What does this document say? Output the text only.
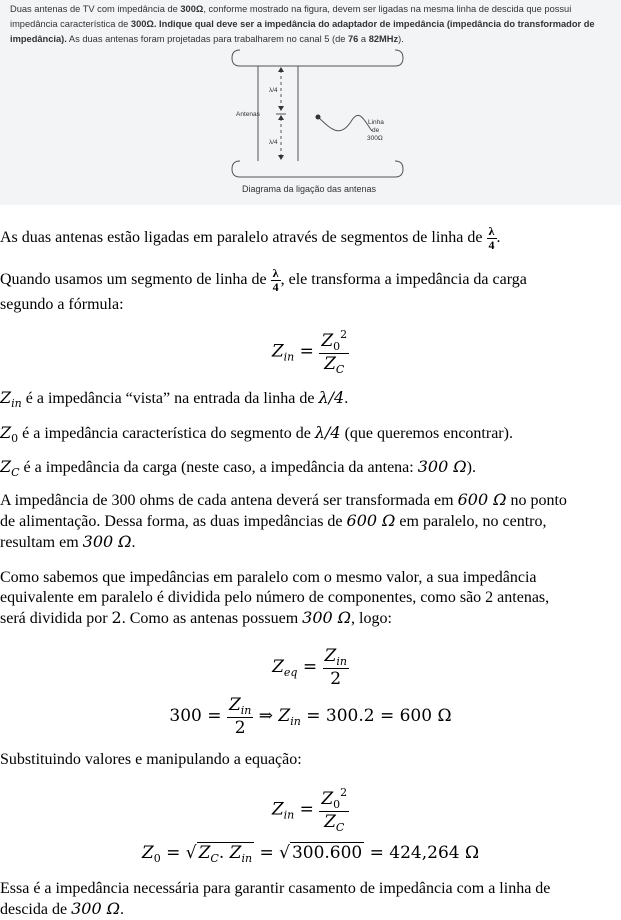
Duas antenas de TV com impedância de 300Ω, conforme mostrado na figura, devem ser ligadas na mesma linha de descida que possui impedância característica de 300Ω. Indique qual deve ser a impedância do adaptador de impedância (impedância do transformador de impedância). As duas antenas foram projetadas para trabalharem no canal 5 (de 76 a 82MHz).

λ/4
λ/4
Antenas
Linha
de
300Ω
Diagrama da ligação das antenas
As duas antenas estão ligadas em paralelo através de segmentos de linha de $\frac{\lambda}{4}$ .
Quando usamos um segmento de linha de $\frac{\lambda}{4}$ , ele transforma a impedância da carga
segundo a fórmula:
$Z_{in} = \frac{Z_0^2}{Z_C}$
$Z_{in}$ é a impedância “vista” na entrada da linha de λ/4.
$Z_0$ é a impedância característica do segmento de λ/4 (que queremos encontrar).
$Z_C$ é a impedância da carga (neste caso, a impedância da antena: 300 Ω).
A impedância de 300 ohms de cada antena deverá ser transformada em 600 Ω no ponto
de alimentação. Dessa forma, as duas impedâncias de 600 Ω em paralelo, no centro,
resultam em 300 Ω.
Como sabemos que impedâncias em paralelo com o mesmo valor, a sua impedância
equivalente em paralelo é dividida pelo número de componentes, como são 2 antenas,
será dividida por 2. Como as antenas possuem 300 Ω, logo:
$Z_{eq} = \frac{Z_{in}}{2}$
$300 = \frac{Z_{in}}{2}$ ⇒ $Z_{in} = 300.2 = 600$ Ω
Substituindo valores e manipulando a equação:
$Z_{in} = \frac{Z_0^2}{Z_C}$
$Z_0$ = √ $Z_C$. $Z_{in}$ = √ 300.600 = 424,264 Ω
Essa é a impedância necessária para garantir casamento de impedância com a linha de
descida de 300 Ω.
